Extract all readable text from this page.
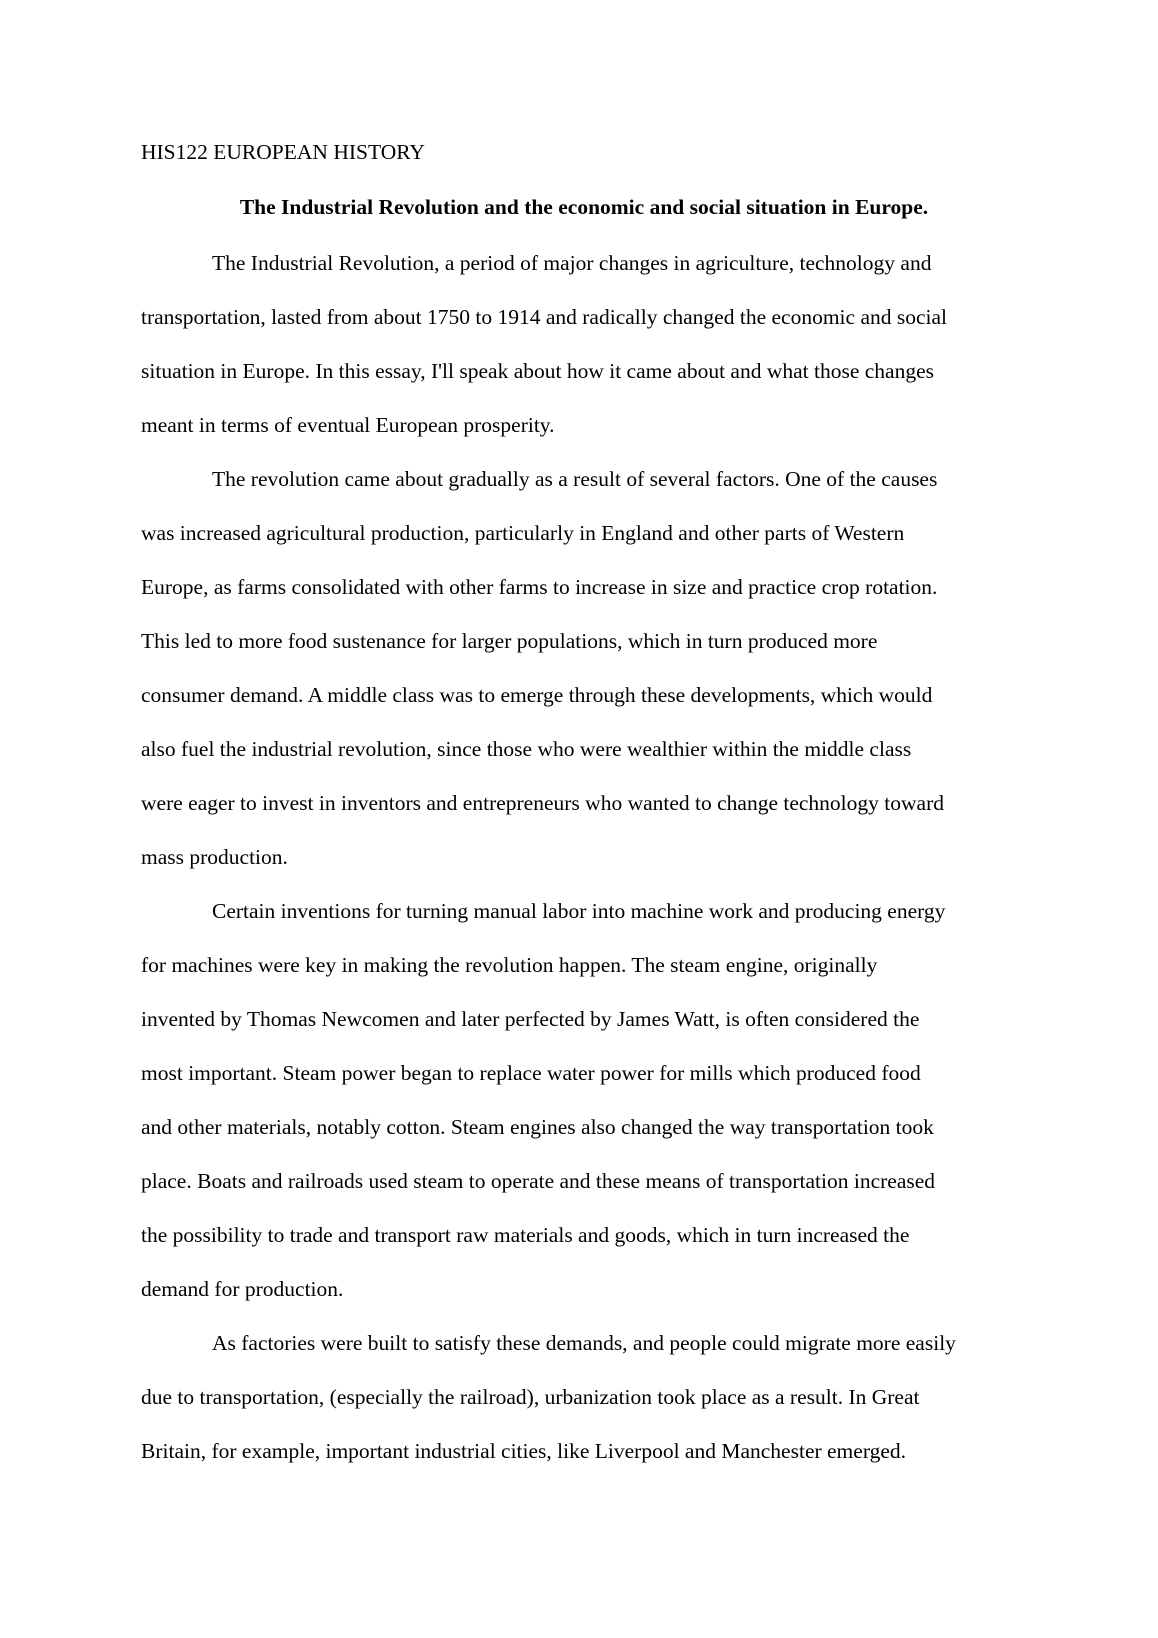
HIS122 EUROPEAN HISTORY
The Industrial Revolution and the economic and social situation in Europe.
The Industrial Revolution, a period of major changes in agriculture, technology and
transportation, lasted from about 1750 to 1914 and radically changed the economic and social
situation in Europe. In this essay, I'll speak about how it came about and what those changes
meant in terms of eventual European prosperity.
The revolution came about gradually as a result of several factors. One of the causes
was increased agricultural production, particularly in England and other parts of Western
Europe, as farms consolidated with other farms to increase in size and practice crop rotation.
This led to more food sustenance for larger populations, which in turn produced more
consumer demand. A middle class was to emerge through these developments, which would
also fuel the industrial revolution, since those who were wealthier within the middle class
were eager to invest in inventors and entrepreneurs who wanted to change technology toward
mass production.
Certain inventions for turning manual labor into machine work and producing energy
for machines were key in making the revolution happen. The steam engine, originally
invented by Thomas Newcomen and later perfected by James Watt, is often considered the
most important. Steam power began to replace water power for mills which produced food
and other materials, notably cotton. Steam engines also changed the way transportation took
place. Boats and railroads used steam to operate and these means of transportation increased
the possibility to trade and transport raw materials and goods, which in turn increased the
demand for production.
As factories were built to satisfy these demands, and people could migrate more easily
due to transportation, (especially the railroad), urbanization took place as a result. In Great
Britain, for example, important industrial cities, like Liverpool and Manchester emerged.
